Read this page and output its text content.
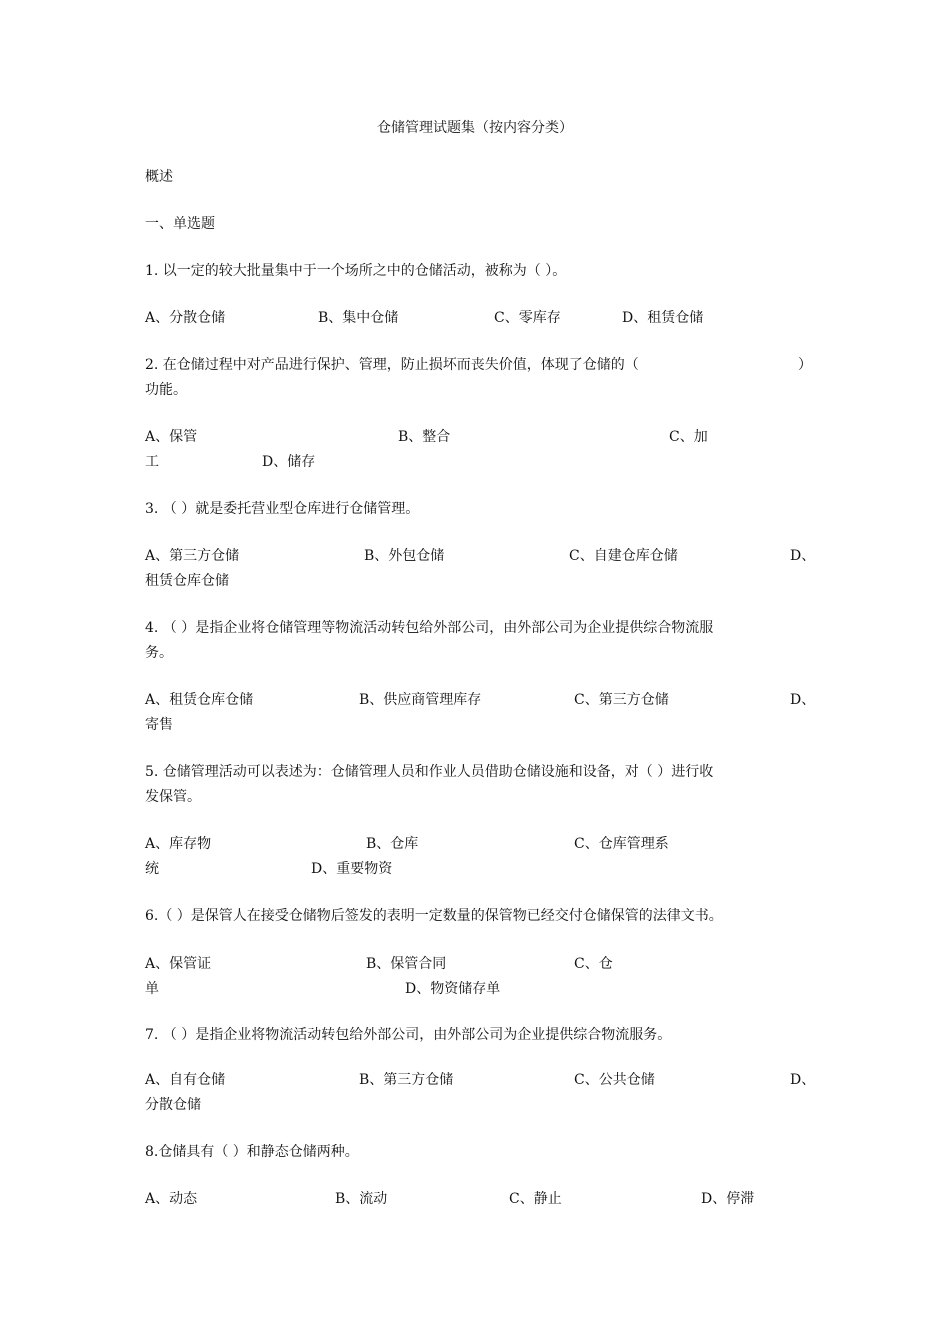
仓储管理试题集（按内容分类）
概述
一、单选题
1. 以一定的较大批量集中于一个场所之中的仓储活动，被称为（ ）。
A、分散仓储	B、集中仓储	C、零库存	D、租赁仓储
2. 在仓储过程中对产品进行保护、管理，防止损坏而丧失价值，体现了仓储的（	）
功能。
A、保管	B、整合	C、加
工	D、储存
3. （ ）就是委托营业型仓库进行仓储管理。
A、第三方仓储	B、外包仓储	C、自建仓库仓储	D、
租赁仓库仓储
4. （ ）是指企业将仓储管理等物流活动转包给外部公司，由外部公司为企业提供综合物流服
务。
A、租赁仓库仓储	B、供应商管理库存	C、第三方仓储	D、
寄售
5. 仓储管理活动可以表述为：仓储管理人员和作业人员借助仓储设施和设备，对（ ）进行收
发保管。
A、库存物	B、仓库	C、仓库管理系
统	D、重要物资
6.（ ）是保管人在接受仓储物后签发的表明一定数量的保管物已经交付仓储保管的法律文书。
A、保管证	B、保管合同	C、仓
单	D、物资储存单
7. （ ）是指企业将物流活动转包给外部公司，由外部公司为企业提供综合物流服务。
A、自有仓储	B、第三方仓储	C、公共仓储	D、
分散仓储
8.仓储具有（ ）和静态仓储两种。
A、动态	B、流动	C、静止	D、停滞
